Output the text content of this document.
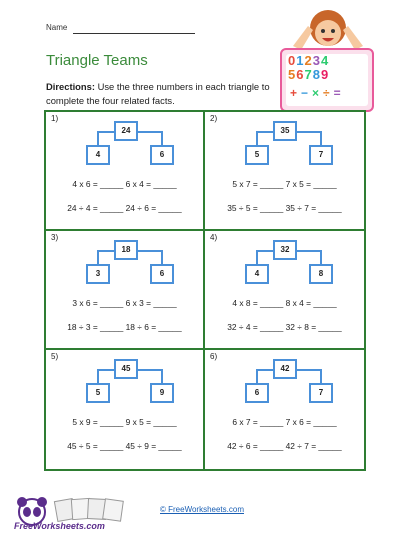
Name
Triangle Teams
Directions: Use the three numbers in each triangle to complete the four related facts.
01234
56789
+−×÷=
1)
24
4	6
4 x 6 = _____ 6 x 4 = _____
24 ÷ 4 = _____ 24 ÷ 6 = _____
2)
35
5	7
5 x 7 = _____ 7 x 5 = _____
35 ÷ 5 = _____ 35 ÷ 7 = _____
3)
18
3	6
3 x 6 = _____ 6 x 3 = _____
18 ÷ 3 = _____ 18 ÷ 6 = _____
4)
32
4	8
4 x 8 = _____ 8 x 4 = _____
32 ÷ 4 = _____ 32 ÷ 8 = _____
5)
45
5	9
5 x 9 = _____ 9 x 5 = _____
45 ÷ 5 = _____ 45 ÷ 9 = _____
6)
42
6	7
6 x 7 = _____ 7 x 6 = _____
42 ÷ 6 = _____ 42 ÷ 7 = _____
FreeWorksheets.com
© FreeWorksheets.com
